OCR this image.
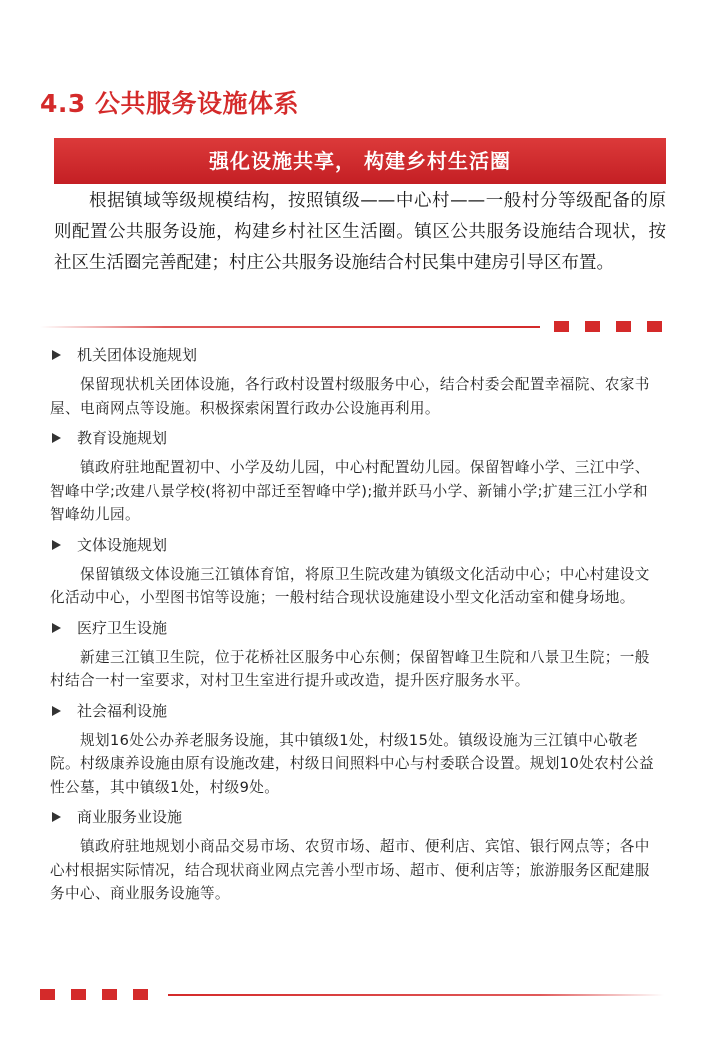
4.3 公共服务设施体系
强化设施共享， 构建乡村生活圈

根据镇域等级规模结构，按照镇级——中心村——一般村分等级配备的原则配置公共服务设施，构建乡村社区生活圈。镇区公共服务设施结合现状，按社区生活圈完善配建；村庄公共服务设施结合村民集中建房引导区布置。

机关团体设施规划

保留现状机关团体设施，各行政村设置村级服务中心，结合村委会配置幸福院、农家书屋、电商网点等设施。积极探索闲置行政办公设施再利用。

教育设施规划

镇政府驻地配置初中、小学及幼儿园，中心村配置幼儿园。保留智峰小学、三江中学、智峰中学;改建八景学校(将初中部迁至智峰中学);撤并跃马小学、新铺小学;扩建三江小学和智峰幼儿园。

文体设施规划

保留镇级文体设施三江镇体育馆，将原卫生院改建为镇级文化活动中心；中心村建设文化活动中心，小型图书馆等设施；一般村结合现状设施建设小型文化活动室和健身场地。

医疗卫生设施

新建三江镇卫生院，位于花桥社区服务中心东侧；保留智峰卫生院和八景卫生院；一般村结合一村一室要求，对村卫生室进行提升或改造，提升医疗服务水平。

社会福利设施

规划16处公办养老服务设施，其中镇级1处，村级15处。镇级设施为三江镇中心敬老院。村级康养设施由原有设施改建，村级日间照料中心与村委联合设置。规划10处农村公益性公墓，其中镇级1处，村级9处。

商业服务业设施

镇政府驻地规划小商品交易市场、农贸市场、超市、便利店、宾馆、银行网点等；各中心村根据实际情况，结合现状商业网点完善小型市场、超市、便利店等；旅游服务区配建服务中心、商业服务设施等。
